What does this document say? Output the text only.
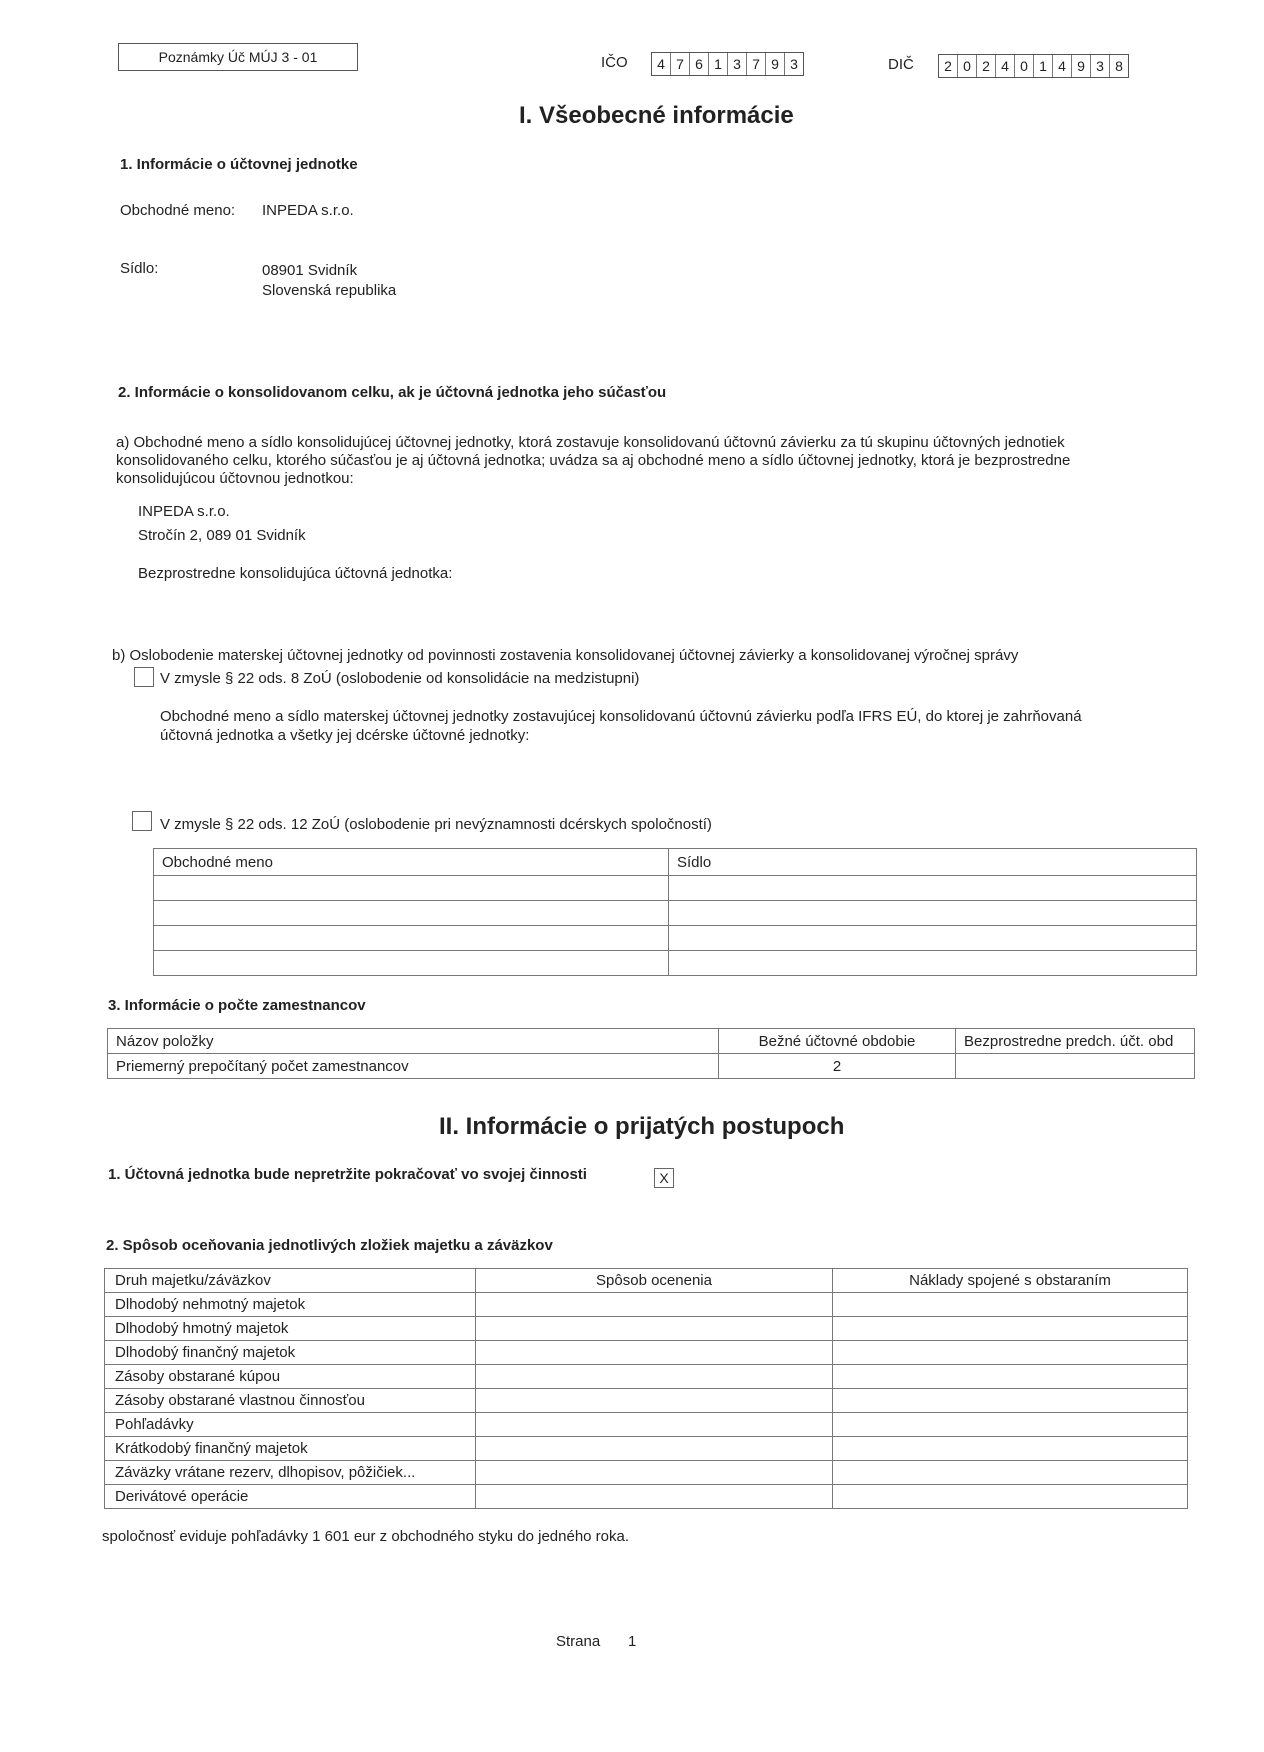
Poznámky Úč MÚJ 3 - 01	IČO	4 7 6 1 3 7 9 3	DIČ	2 0 2 4 0 1 4 9 3 8
I. Všeobecné informácie
1. Informácie o účtovnej jednotke
Obchodné meno: INPEDA s.r.o.
Sídlo:	08901 Svidník
Slovenská republika
2. Informácie o konsolidovanom celku, ak je účtovná jednotka jeho súčasťou
a) Obchodné meno a sídlo konsolidujúcej účtovnej jednotky, ktorá zostavuje konsolidovanú účtovnú závierku za tú skupinu účtovných jednotiek
konsolidovaného celku, ktorého súčasťou je aj účtovná jednotka; uvádza sa aj obchodné meno a sídlo účtovnej jednotky, ktorá je bezprostredne
konsolidujúcou účtovnou jednotkou:
INPEDA s.r.o.
Stročín 2, 089 01 Svidník
Bezprostredne konsolidujúca účtovná jednotka:
b) Oslobodenie materskej účtovnej jednotky od povinnosti zostavenia konsolidovanej účtovnej závierky a konsolidovanej výročnej správy
V zmysle § 22 ods. 8 ZoÚ (oslobodenie od konsolidácie na medzistupni)
Obchodné meno a sídlo materskej účtovnej jednotky zostavujúcej konsolidovanú účtovnú závierku podľa IFRS EÚ, do ktorej je zahrňovaná
účtovná jednotka a všetky jej dcérske účtovné jednotky:
V zmysle § 22 ods. 12 ZoÚ (oslobodenie pri nevýznamnosti dcérskych spoločností)
Obchodné meno	Sídlo

3. Informácie o počte zamestnancov
Názov položky	Bežné účtovné obdobie	Bezprostredne predch. účt. obd
Priemerný prepočítaný počet zamestnancov	2	
II. Informácie o prijatých postupoch
1. Účtovná jednotka bude nepretržite pokračovať vo svojej činnosti	X
2. Spôsob oceňovania jednotlivých zložiek majetku a záväzkov
Druh majetku/záväzkov	Spôsob ocenenia	Náklady spojené s obstaraním
Dlhodobý nehmotný majetok		
Dlhodobý hmotný majetok		
Dlhodobý finančný majetok		
Zásoby obstarané kúpou		
Zásoby obstarané vlastnou činnosťou		
Pohľadávky		
Krátkodobý finančný majetok		
Záväzky vrátane rezerv, dlhopisov, pôžičiek...		
Derivátové operácie		
spoločnosť eviduje pohľadávky 1 601 eur z obchodného styku do jedného roka.
Strana 1
